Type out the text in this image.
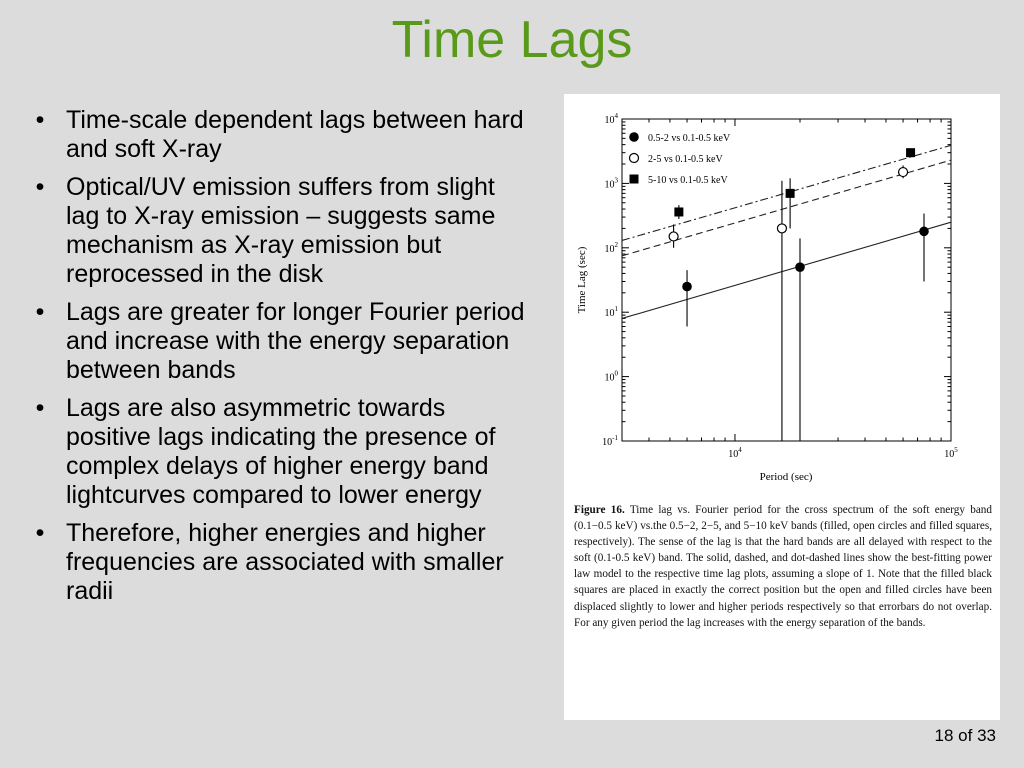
Time Lags
• Time-scale dependent lags between hard and soft X-ray
• Optical/UV emission suffers from slight lag to X-ray emission – suggests same mechanism as X-ray emission but reprocessed in the disk
• Lags are greater for longer Fourier period and increase with the energy separation between bands
• Lags are also asymmetric towards positive lags indicating the presence of complex delays of higher energy band lightcurves compared to lower energy
• Therefore, higher energies and higher frequencies are associated with smaller radii
$10^{-1}$
$10^0$
$10^1$
$10^2$
$10^3$
$10^4$
$10^4$	$10^5$
0.5-2 vs 0.1-0.5 keV
2-5 vs 0.1-0.5 keV
5-10 vs 0.1-0.5 keV
Period (sec)
Time Lag (sec)
Figure 16. Time lag vs. Fourier period for the cross spectrum of the soft energy band (0.1−0.5 keV) vs.the 0.5−2, 2−5, and 5−10 keV bands (filled, open circles and filled squares, respectively). The sense of the lag is that the hard bands are all delayed with respect to the soft (0.1-0.5 keV) band. The solid, dashed, and dot-dashed lines show the best-fitting power law model to the respective time lag plots, assuming a slope of 1. Note that the filled black squares are placed in exactly the correct position but the open and filled circles have been displaced slightly to lower and higher periods respectively so that errorbars do not overlap. For any given period the lag increases with the energy separation of the bands.
18 of 33
